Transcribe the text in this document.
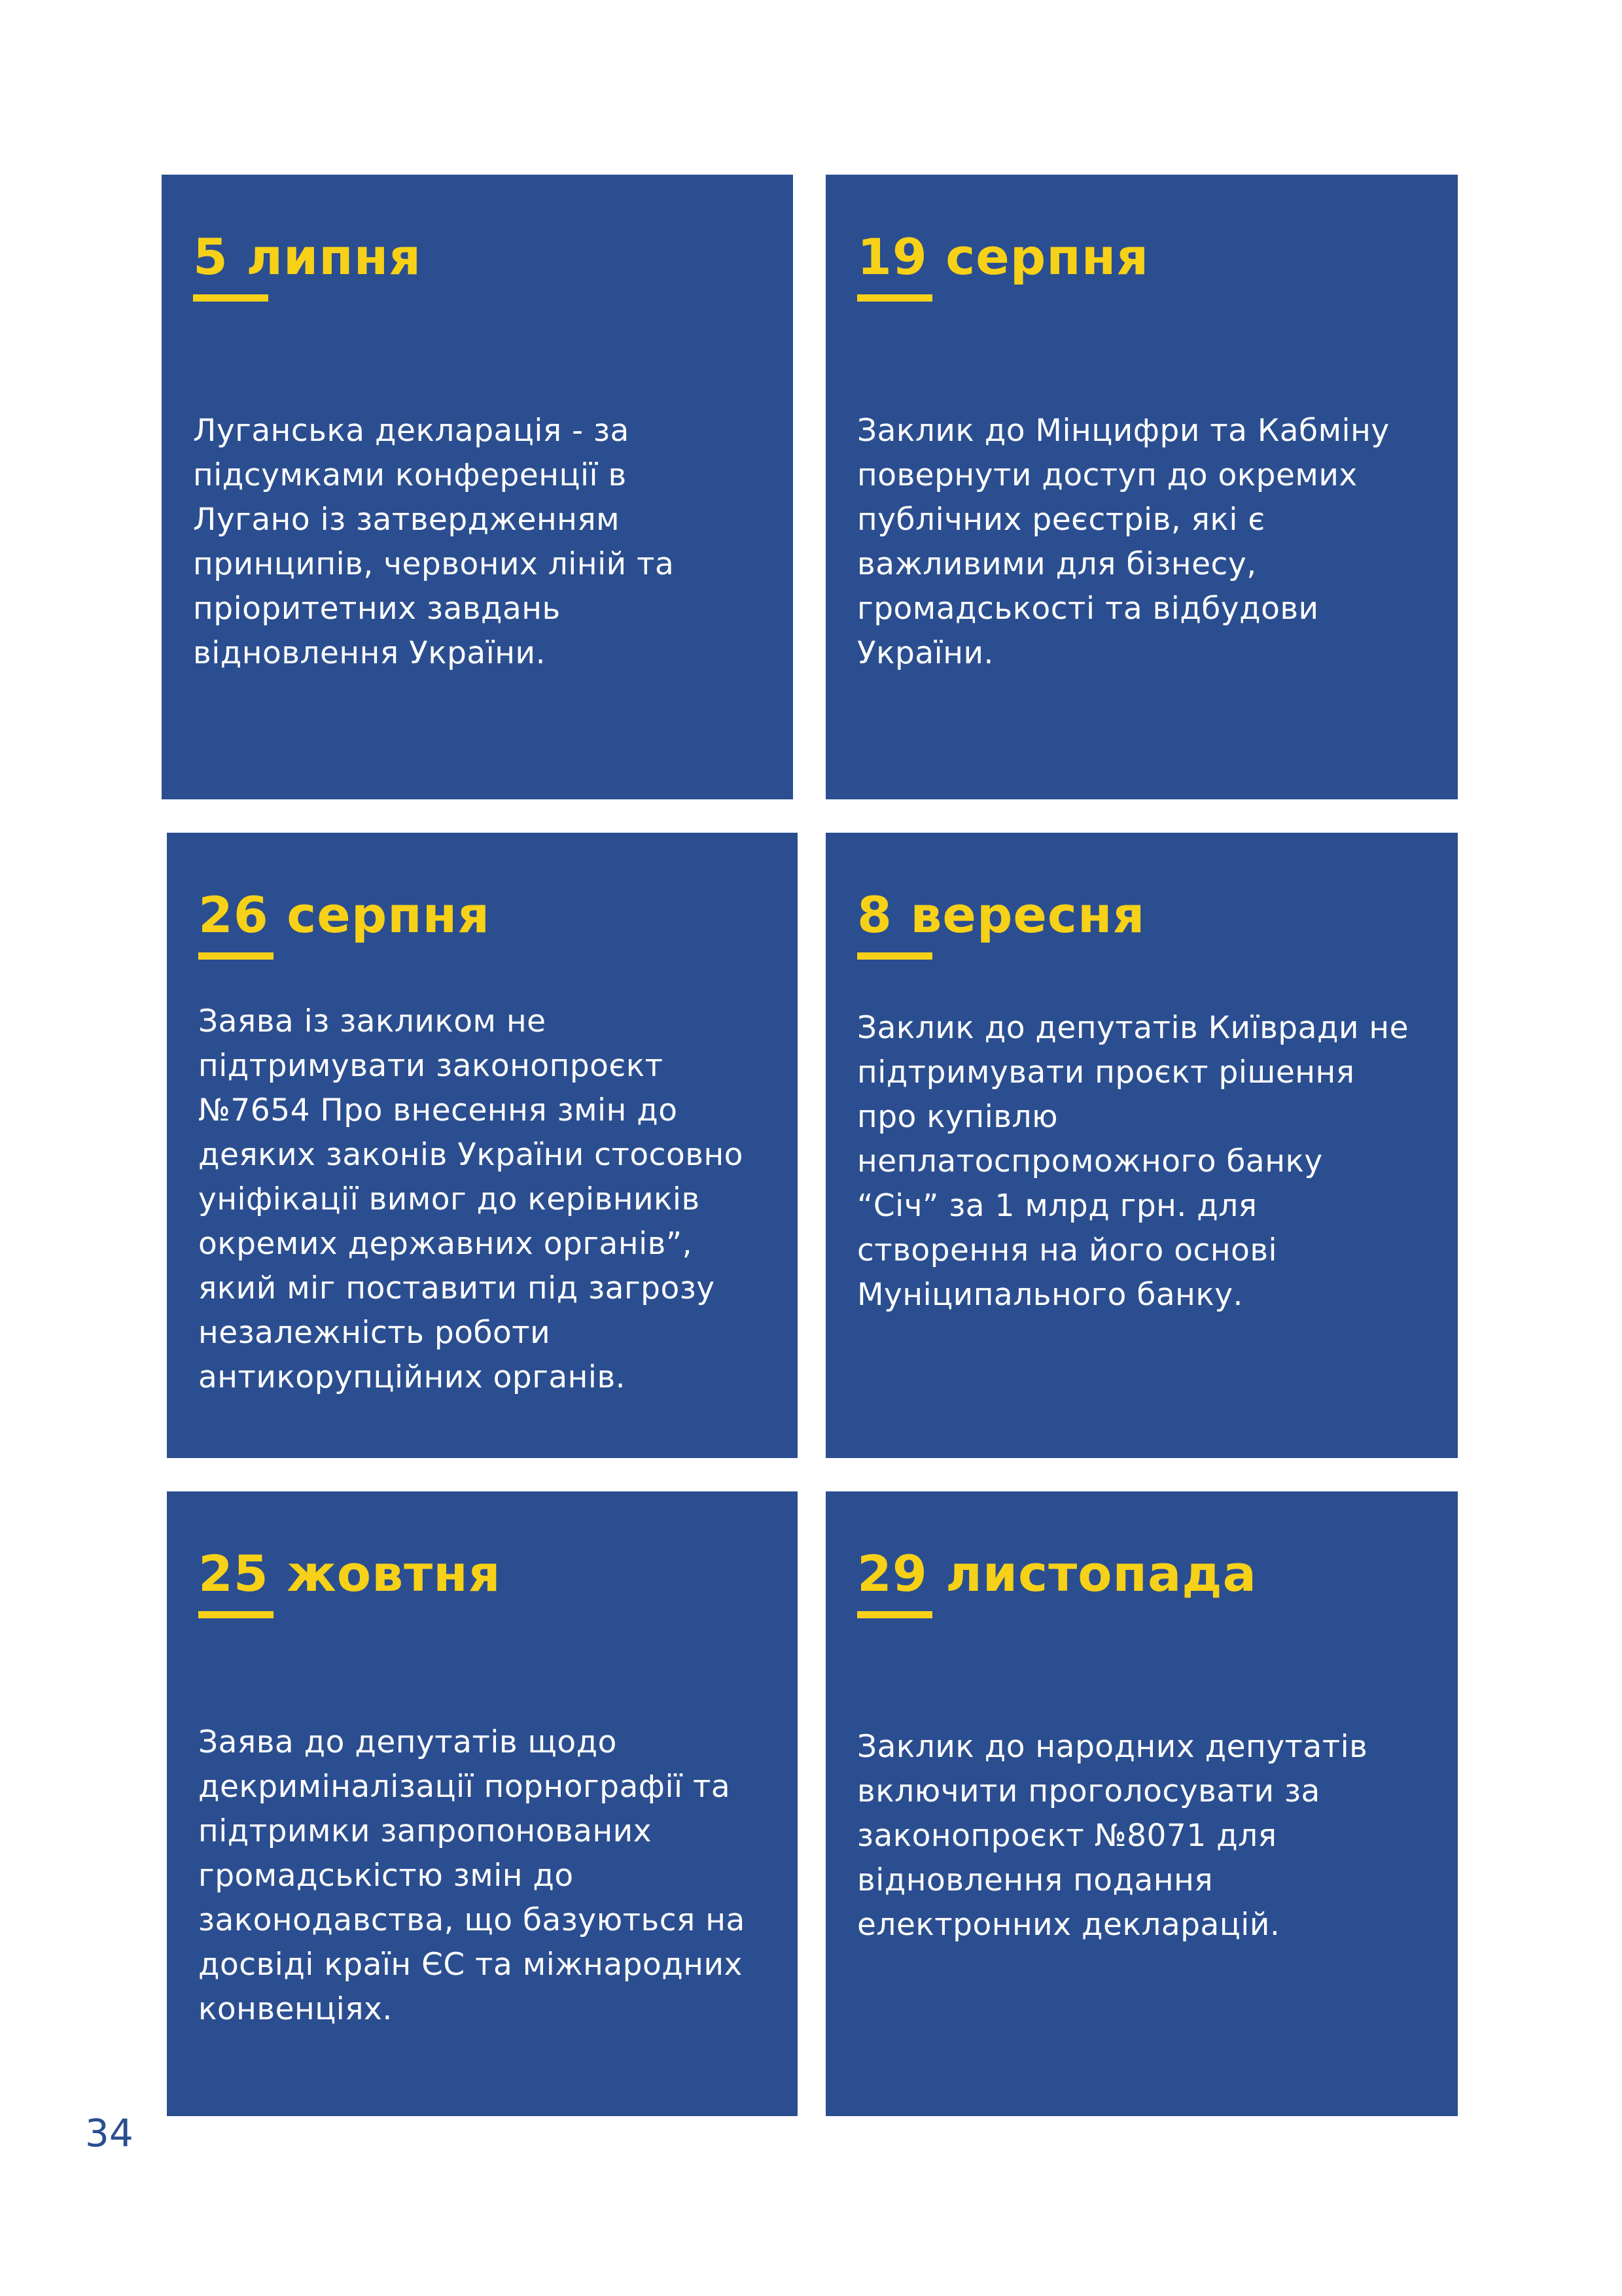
5 липня
Луганська декларація - за
підсумками конференції в
Лугано із затвердженням
принципів, червоних ліній та
пріоритетних завдань
відновлення України.
19 серпня
Заклик до Мінцифри та Кабміну
повернути доступ до окремих
публічних реєстрів, які є
важливими для бізнесу,
громадськості та відбудови
України.
26 серпня
Заява із закликом не
підтримувати законопроєкт
№7654 Про внесення змін до
деяких законів України стосовно
уніфікації вимог до керівників
окремих державних органів”,
який міг поставити під загрозу
незалежність роботи
антикорупційних органів.
8 вересня
Заклик до депутатів Київради не
підтримувати проєкт рішення
про купівлю
неплатоспроможного банку
“Січ” за 1 млрд грн. для
створення на його основі
Муніципального банку.
25 жовтня
Заява до депутатів щодо
декриміналізації порнографії та
підтримки запропонованих
громадськістю змін до
законодавства, що базуються на
досвіді країн ЄС та міжнародних
конвенціях.
29 листопада
Заклик до народних депутатів
включити проголосувати за
законопроєкт №8071 для
відновлення подання
електронних декларацій.
34
